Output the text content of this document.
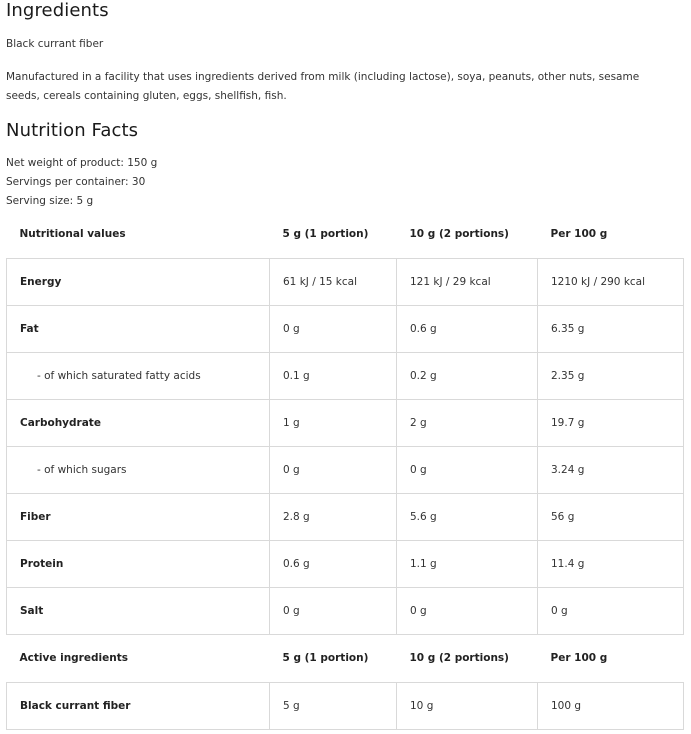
Ingredients

Black currant fiber

Manufactured in a facility that uses ingredients derived from milk (including lactose), soya, peanuts, other nuts, sesame seeds, cereals containing gluten, eggs, shellfish, fish.

Nutrition Facts

Net weight of product: 150 g

Servings per container: 30

Serving size: 5 g

Nutritional values	5 g (1 portion)	10 g (2 portions)	Per 100 g
Energy	61 kJ / 15 kcal	121 kJ / 29 kcal	1210 kJ / 290 kcal
Fat	0 g	0.6 g	6.35 g
- of which saturated fatty acids	0.1 g	0.2 g	2.35 g
Carbohydrate	1 g	2 g	19.7 g
- of which sugars	0 g	0 g	3.24 g
Fiber	2.8 g	5.6 g	56 g
Protein	0.6 g	1.1 g	11.4 g
Salt	0 g	0 g	0 g
Active ingredients	5 g (1 portion)	10 g (2 portions)	Per 100 g
Black currant fiber	5 g	10 g	100 g
